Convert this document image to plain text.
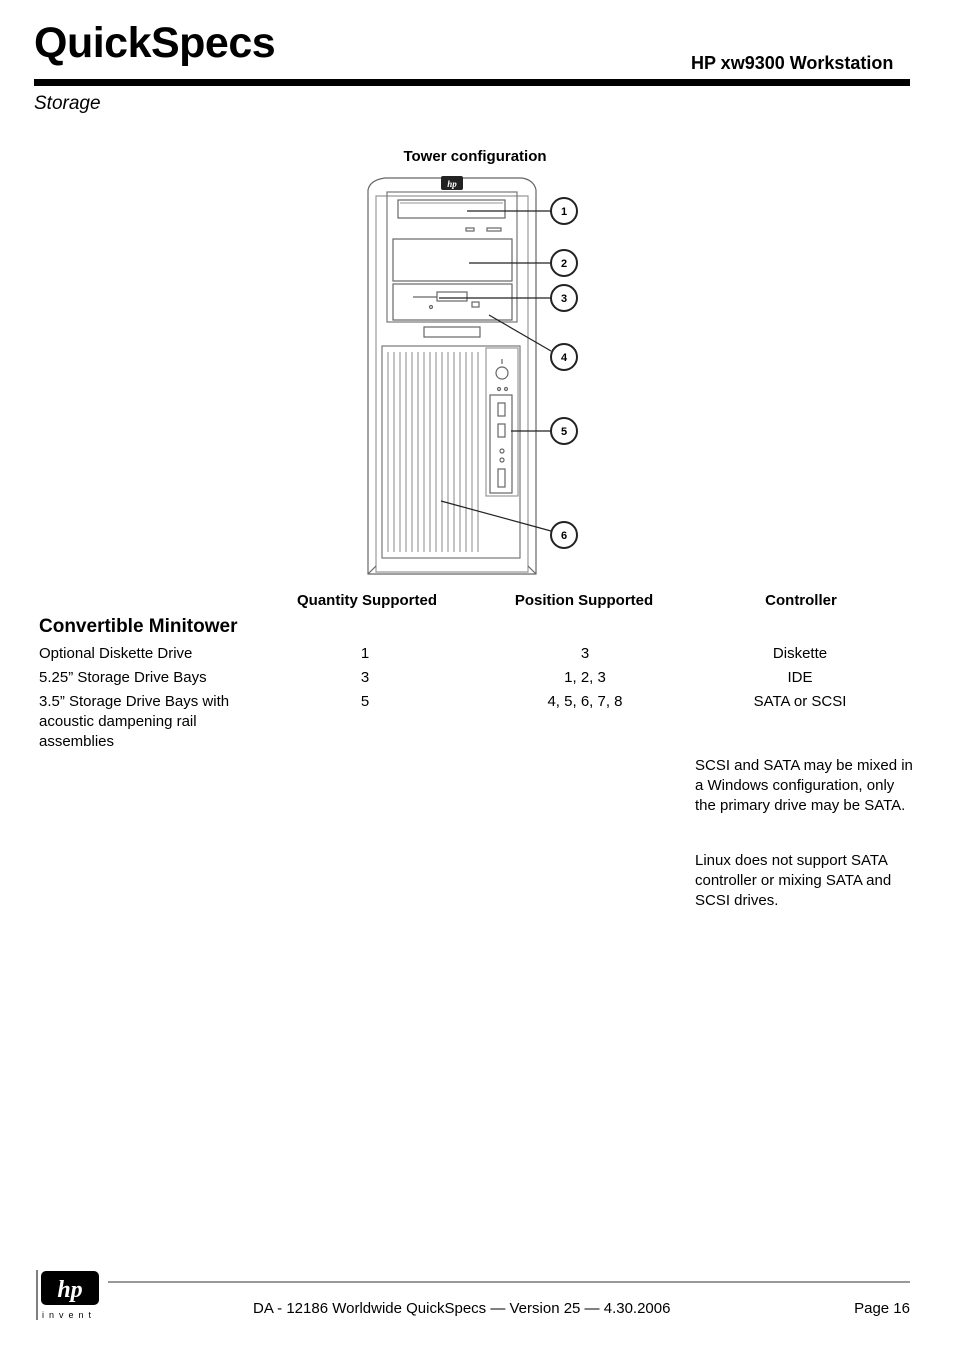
QuickSpecs	HP xw9300 Workstation
Storage
Tower configuration
hp
1
2
3
4
5
6
Quantity Supported	Position Supported	Controller
Convertible Minitower
Optional Diskette Drive	1	3	Diskette
5.25” Storage Drive Bays	3	1, 2, 3	IDE
3.5” Storage Drive Bays with acoustic dampening rail assemblies
5	4, 5, 6, 7, 8	SATA or SCSI
SCSI and SATA may be mixed in a Windows configuration, only the primary drive may be SATA.
Linux does not support SATA controller or mixing SATA and SCSI drives.
hp
invent	DA - 12186 Worldwide QuickSpecs — Version 25 — 4.30.2006	Page 16
